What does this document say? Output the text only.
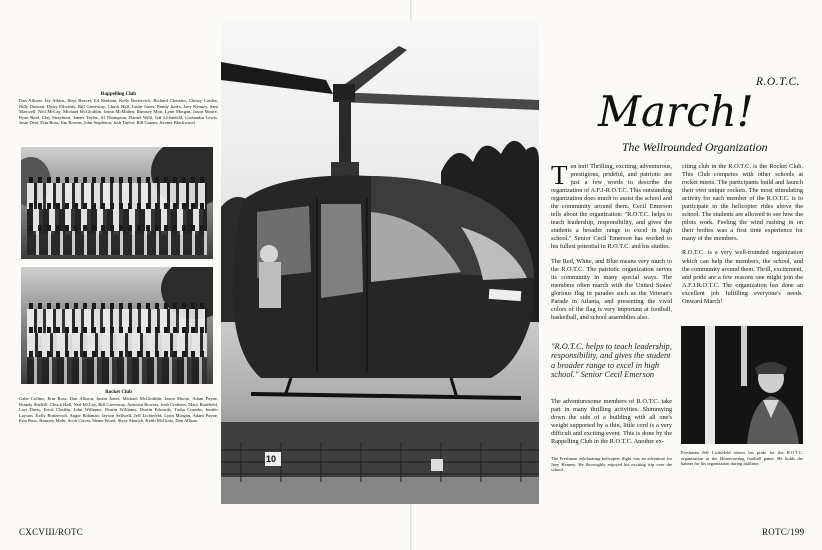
Rappelling Club
Dan Allison, Jay Atkins, Hoyt Beaver, Ed Benham, Kelly Bottervich, Richard Chastain, Christy Conley, Billy Duncan, Dusty Edwards, Bill Greenway, Chuck Hall, Justin Jones, Randy Jones, Joey Kenney, Sam Maxwell, Neil McCay, Michael McGlothlin, Jason McMahen, Rumsey Mott, Lynn Morgan, Jason Moore, Ryan Reid, Clay Strayhorn, James Taylor, Al Thompson, Daniel Wild, Jeff Lichtefeld, Cassandra Lewis, Josie Deal, Erin Ross, Jim Bowen, John Stapleton, Josh Taylor, Bill Garner, Jeremy Blackwood
Rocket Club
Gabe Collins, Erin Ross, Dan Allison, Justin Jones, Michael McGlothlin, Jason Moore, Adam Payne, Brandy Sheffill, Chuck Hall, Neil McCay, Bill Greenway, Antwain Bowers, Josh Crothers, Mary Bradfield, Lori Davis, Erick Chaffin, John Williams, Dustin Williams, Dustin Edwards, Tasha Crumbs, Jenifer Layson, Kelly Bottervich, Angie Bohanan, Jayson Sellwell, Jeff Lichtefeld, Lynn Morgan, Adam Payne, Erin Ross, Rumsey Mohr, Scott Criver, Shane Wood, Stacy Sharick, Keith McGinty, Dan Allison
CXCVIII/ROTC
10
R.O.T.C.
March!
The Wellrounded Organization

Ten hut! Thrilling, exciting, adventurous, prestigious, prideful, and patriotic are just a few words to describe the organization of A.F.J-R.O.T.C. This outstanding organization does much to assist the school and the community around them. Cecil Emerson tells about the organization: "R.O.T.C. helps to teach leadership, responsibility, and gives the students a broader range to excel in high school." Senior Cecil Emerson has worked to his fullest potential in R.O.T.C. and his studies.

The Red, White, and Blue means very much to the R.O.T.C. The patriotic organization serves its community in many special ways. The members often march with the United States' glorious flag in parades such as the Veteran's Parade in Atlanta, and presenting the vivid colors of the flag is very important at football, basketball, and school assemblies also.

"R.O.T.C. helps to teach leadership, responsibility, and gives the student a broader range to excel in high school." Senior Cecil Emerson
The adventuresome members of R.O.T.C. take part in many thrilling activities. Shimmying down the side of a building with all one's weight supported by a thin, little cord is a very difficult and exciting event. This is done by the Rappelling Club in the R.O.T.C. Another ex-
The Freshman exhilarating helicopter flight was an adventure for Joey Kenney. He thoroughly enjoyed his exciting trip over the school.

citing club in the R.O.T.C. is the Rocket Club. This Club competes with other schools at rocket meets. The participants build and launch their own unique rockets. The most stimulating activity for each member of the R.O.T.C. is to participate in the helicopter rides above the school. The students are allowed to see how the pilots work. Feeling the wind rushing in on their bodies was a first time experience for many of the members.

R.O.T.C. is a very well-rounded organization which can help the members, the school, and the community around them. Thrill, excitement, and pride are a few reasons one might join the A.F.J.R.O.T.C. The organization has done an excellent job fulfilling everyone's needs. Onward March!

Freshman Jeff Lichtefeld shows his pride for the R.O.T.C. organization at the Homecoming football game. He holds the banner for his organization during halftime.
ROTC/199
